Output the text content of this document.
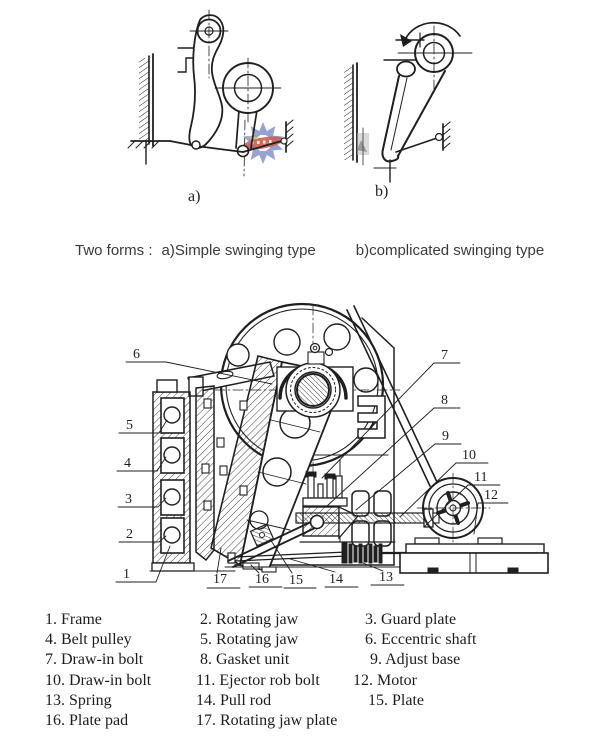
a)	b)
Two forms : a)Simple swinging type	b)complicated swinging type
1
2
3
4
5
6	7
8
9
10
11
12
13
14
15
16
17
1. Frame	2. Rotating jaw	3. Guard plate
4. Belt pulley	5. Rotating jaw	6. Eccentric shaft
7. Draw-in bolt	8. Gasket unit	9. Adjust base
10. Draw-in bolt	11. Ejector rob bolt	12. Motor
13. Spring	14. Pull rod	15. Plate
16. Plate pad	17. Rotating jaw plate
